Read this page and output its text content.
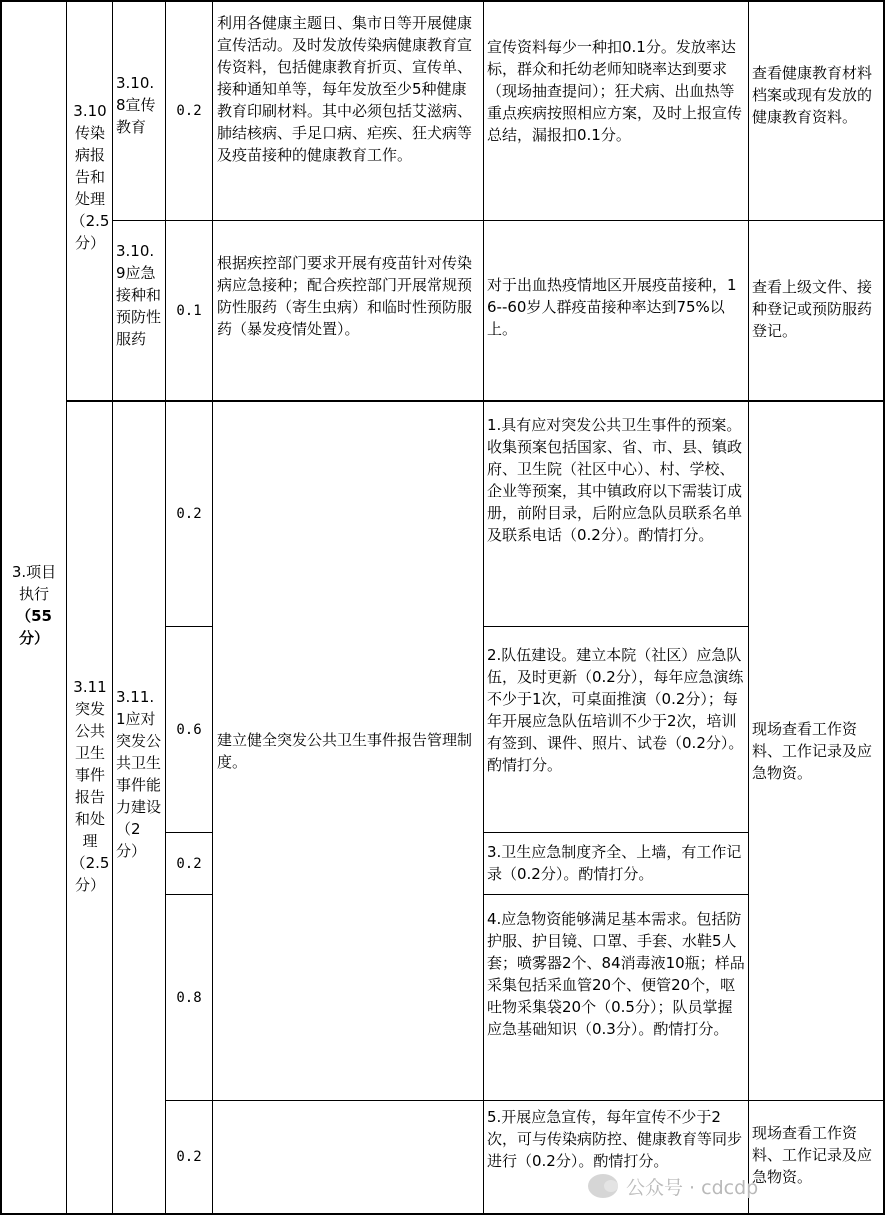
3.项目执行
（55分）
3.10传染病报告和处理（2.5分）
3.10.8宣传教育
0.2
利用各健康主题日、集市日等开展健康宣传活动。及时发放传染病健康教育宣传资料，包括健康教育折页、宣传单、接种通知单等，每年发放至少5种健康教育印刷材料。其中必须包括艾滋病、肺结核病、手足口病、疟疾、狂犬病等及疫苗接种的健康教育工作。
宣传资料每少一种扣0.1分。发放率达标，群众和托幼老师知晓率达到要求（现场抽查提问）；狂犬病、出血热等重点疾病按照相应方案，及时上报宣传总结，漏报扣0.1分。
查看健康教育材料档案或现有发放的健康教育资料。
3.10.9应急接种和预防性服药
0.1
根据疾控部门要求开展有疫苗针对传染病应急接种；配合疾控部门开展常规预防性服药（寄生虫病）和临时性预防服药（暴发疫情处置）。
对于出血热疫情地区开展疫苗接种，16--60岁人群疫苗接种率达到75%以上。
查看上级文件、接种登记或预防服药登记。
3.11突发公共卫生事件报告和处理（2.5分）
3.11.1应对突发公共卫生事件能力建设（2分）
建立健全突发公共卫生事件报告管理制度。
现场查看工作资料、工作记录及应急物资。
0.2
1.具有应对突发公共卫生事件的预案。收集预案包括国家、省、市、县、镇政府、卫生院（社区中心）、村、学校、企业等预案，其中镇政府以下需装订成册，前附目录，后附应急队员联系名单及联系电话（0.2分）。酌情打分。
0.6
2.队伍建设。建立本院（社区）应急队伍，及时更新（0.2分），每年应急演练不少于1次，可桌面推演（0.2分）；每年开展应急队伍培训不少于2次，培训有签到、课件、照片、试卷（0.2分）。酌情打分。
0.2
3.卫生应急制度齐全、上墙，有工作记录（0.2分）。酌情打分。
0.8
4.应急物资能够满足基本需求。包括防护服、护目镜、口罩、手套、水鞋5人套；喷雾器2个、84消毒液10瓶；样品采集包括采血管20个、便管20个，呕吐物采集袋20个（0.5分）；队员掌握应急基础知识（0.3分）。酌情打分。
0.2
5.开展应急宣传，每年宣传不少于2次，可与传染病防控、健康教育等同步进行（0.2分）。酌情打分。
现场查看工作资料、工作记录及应急物资。
公众号 · cdcdp
